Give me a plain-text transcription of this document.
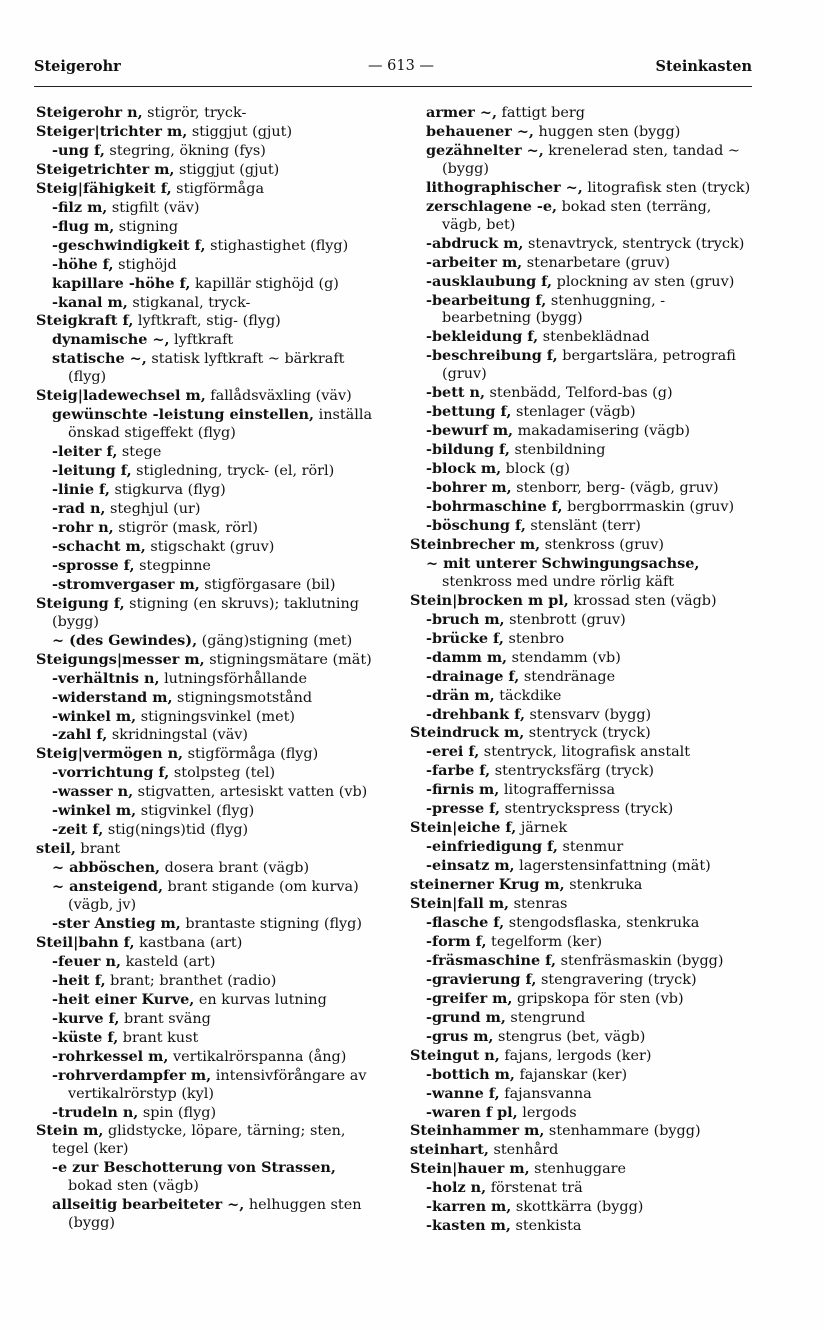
Steigerohr	— 613 —	Steinkasten
Steigerohr n, stigrör, tryck-
Steiger|trichter m, stiggjut (gjut)
-ung f, stegring, ökning (fys)
Steigetrichter m, stiggjut (gjut)
Steig|fähigkeit f, stigförmåga
-filz m, stigfilt (väv)
-flug m, stigning
-geschwindigkeit f, stighastighet (flyg)
-höhe f, stighöjd
kapillare -höhe f, kapillär stighöjd (g)
-kanal m, stigkanal, tryck-
Steigkraft f, lyftkraft, stig- (flyg)
dynamische ~, lyftkraft
statische ~, statisk lyftkraft ~ bärkraft (flyg)
Steig|ladewechsel m, fallådsväxling (väv)
gewünschte -leistung einstellen, inställa önskad stigeffekt (flyg)
-leiter f, stege
-leitung f, stigledning, tryck- (el, rörl)
-linie f, stigkurva (flyg)
-rad n, steghjul (ur)
-rohr n, stigrör (mask, rörl)
-schacht m, stigschakt (gruv)
-sprosse f, stegpinne
-stromvergaser m, stigförgasare (bil)
Steigung f, stigning (en skruvs); taklutning (bygg)
~ (des Gewindes), (gäng)stigning (met)
Steigungs|messer m, stigningsmätare (mät)
-verhältnis n, lutningsförhållande
-widerstand m, stigningsmotstånd
-winkel m, stigningsvinkel (met)
-zahl f, skridningstal (väv)
Steig|vermögen n, stigförmåga (flyg)
-vorrichtung f, stolpsteg (tel)
-wasser n, stigvatten, artesiskt vatten (vb)
-winkel m, stigvinkel (flyg)
-zeit f, stig(nings)tid (flyg)
steil, brant
~ abböschen, dosera brant (vägb)
~ ansteigend, brant stigande (om kurva) (vägb, jv)
-ster Anstieg m, brantaste stigning (flyg)
Steil|bahn f, kastbana (art)
-feuer n, kasteld (art)
-heit f, brant; branthet (radio)
-heit einer Kurve, en kurvas lutning
-kurve f, brant sväng
-küste f, brant kust
-rohrkessel m, vertikalrörspanna (ång)
-rohrverdampfer m, intensivförångare av vertikalrörstyp (kyl)
-trudeln n, spin (flyg)
Stein m, glidstycke, löpare, tärning; sten, tegel (ker)
-e zur Beschotterung von Strassen, bokad sten (vägb)
allseitig bearbeiteter ~, helhuggen sten (bygg)
armer ~, fattigt berg
behauener ~, huggen sten (bygg)
gezähnelter ~, krenelerad sten, tandad ~ (bygg)
lithographischer ~, litografisk sten (tryck)
zerschlagene -e, bokad sten (terräng, vägb, bet)
-abdruck m, stenavtryck, stentryck (tryck)
-arbeiter m, stenarbetare (gruv)
-ausklaubung f, plockning av sten (gruv)
-bearbeitung f, stenhuggning, -bearbetning (bygg)
-bekleidung f, stenbeklädnad
-beschreibung f, bergartslära, petrografi (gruv)
-bett n, stenbädd, Telford-bas (g)
-bettung f, stenlager (vägb)
-bewurf m, makadamisering (vägb)
-bildung f, stenbildning
-block m, block (g)
-bohrer m, stenborr, berg- (vägb, gruv)
-bohrmaschine f, bergborrmaskin (gruv)
-böschung f, stenslänt (terr)
Steinbrecher m, stenkross (gruv)
~ mit unterer Schwingungsachse, stenkross med undre rörlig käft
Stein|brocken m pl, krossad sten (vägb)
-bruch m, stenbrott (gruv)
-brücke f, stenbro
-damm m, stendamm (vb)
-drainage f, stendränage
-drän m, täckdike
-drehbank f, stensvarv (bygg)
Steindruck m, stentryck (tryck)
-erei f, stentryck, litografisk anstalt
-farbe f, stentrycksfärg (tryck)
-firnis m, litograffernissa
-presse f, stentryckspress (tryck)
Stein|eiche f, järnek
-einfriedigung f, stenmur
-einsatz m, lagerstensinfattning (mät)
steinerner Krug m, stenkruka
Stein|fall m, stenras
-flasche f, stengodsflaska, stenkruka
-form f, tegelform (ker)
-fräsmaschine f, stenfräsmaskin (bygg)
-gravierung f, stengravering (tryck)
-greifer m, gripskopa för sten (vb)
-grund m, stengrund
-grus m, stengrus (bet, vägb)
Steingut n, fajans, lergods (ker)
-bottich m, fajanskar (ker)
-wanne f, fajansvanna
-waren f pl, lergods
Steinhammer m, stenhammare (bygg)
steinhart, stenhård
Stein|hauer m, stenhuggare
-holz n, förstenat trä
-karren m, skottkärra (bygg)
-kasten m, stenkista
